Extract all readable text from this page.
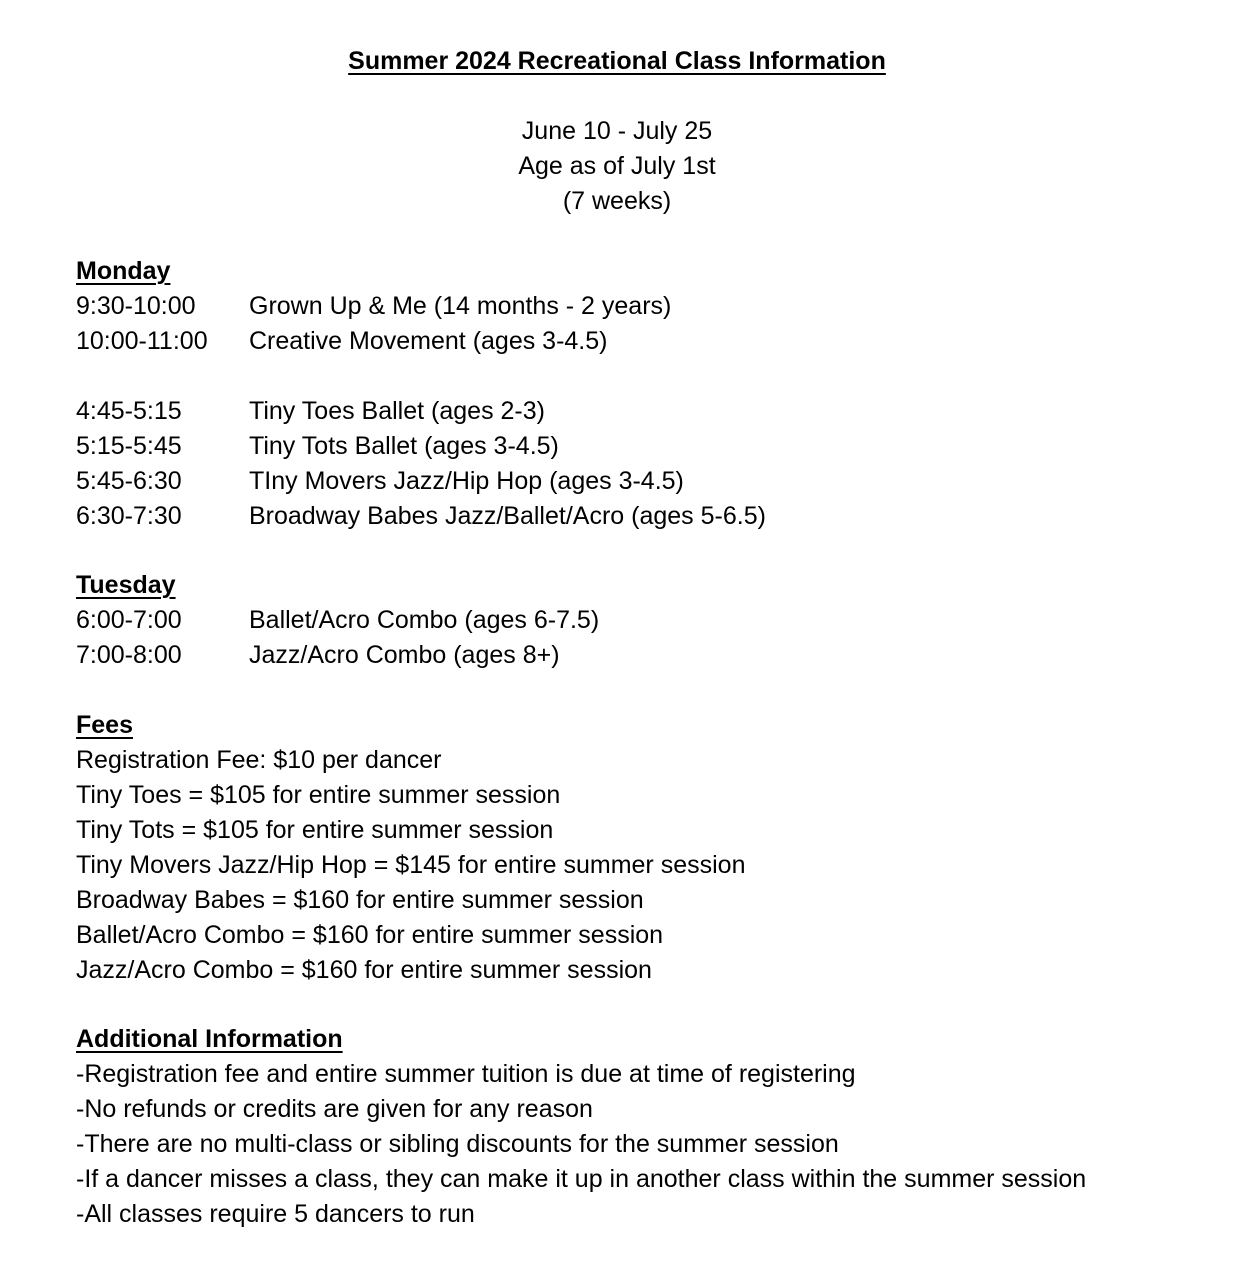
Summer 2024 Recreational Class Information
June 10 - July 25
Age as of July 1st
(7 weeks)
Monday
9:30-10:00	Grown Up & Me (14 months - 2 years)
10:00-11:00	Creative Movement (ages 3-4.5)
4:45-5:15	Tiny Toes Ballet (ages 2-3)
5:15-5:45	Tiny Tots Ballet (ages 3-4.5)
5:45-6:30	TIny Movers Jazz/Hip Hop (ages 3-4.5)
6:30-7:30	Broadway Babes Jazz/Ballet/Acro (ages 5-6.5)
Tuesday
6:00-7:00	Ballet/Acro Combo (ages 6-7.5)
7:00-8:00	Jazz/Acro Combo (ages 8+)
Fees
Registration Fee: $10 per dancer
Tiny Toes = $105 for entire summer session
Tiny Tots = $105 for entire summer session
Tiny Movers Jazz/Hip Hop = $145 for entire summer session
Broadway Babes = $160 for entire summer session
Ballet/Acro Combo = $160 for entire summer session
Jazz/Acro Combo = $160 for entire summer session
Additional Information
-Registration fee and entire summer tuition is due at time of registering
-No refunds or credits are given for any reason
-There are no multi-class or sibling discounts for the summer session
-If a dancer misses a class, they can make it up in another class within the summer session
-All classes require 5 dancers to run
